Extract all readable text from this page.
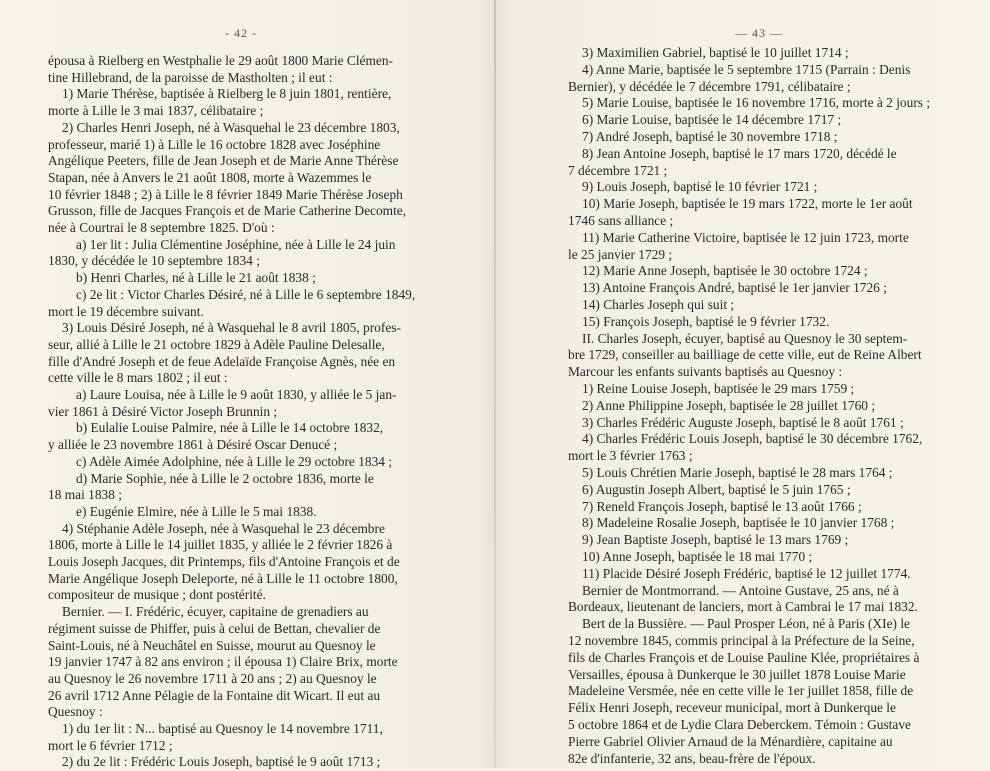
- 42 -
épousa à Rielberg en Westphalie le 29 août 1800 Marie Clémen-
tine Hillebrand, de la paroisse de Mastholten ; il eut :
1) Marie Thérèse, baptisée à Rielberg le 8 juin 1801, rentière,
morte à Lille le 3 mai 1837, célibataire ;
2) Charles Henri Joseph, né à Wasquehal le 23 décembre 1803,
professeur, marié 1) à Lille le 16 octobre 1828 avec Joséphine
Angélique Peeters, fille de Jean Joseph et de Marie Anne Thérèse
Stapan, née à Anvers le 21 août 1808, morte à Wazemmes le
10 février 1848 ; 2) à Lille le 8 février 1849 Marie Thérèse Joseph
Grusson, fille de Jacques François et de Marie Catherine Decomte,
née à Courtrai le 8 septembre 1825. D'où :
a) 1er lit : Julia Clémentine Joséphine, née à Lille le 24 juin
1830, y décédée le 10 septembre 1834 ;
b) Henri Charles, né à Lille le 21 août 1838 ;
c) 2e lit : Victor Charles Désiré, né à Lille le 6 septembre 1849,
mort le 19 décembre suivant.
3) Louis Désiré Joseph, né à Wasquehal le 8 avril 1805, profes-
seur, allié à Lille le 21 octobre 1829 à Adèle Pauline Delesalle,
fille d'André Joseph et de feue Adelaïde Françoise Agnès, née en
cette ville le 8 mars 1802 ; il eut :
a) Laure Louisa, née à Lille le 9 août 1830, y alliée le 5 jan-
vier 1861 à Désiré Victor Joseph Brunnin ;
b) Eulalie Louise Palmire, née à Lille le 14 octobre 1832,
y alliée le 23 novembre 1861 à Désiré Oscar Denucé ;
c) Adèle Aimée Adolphine, née à Lille le 29 octobre 1834 ;
d) Marie Sophie, née à Lille le 2 octobre 1836, morte le
18 mai 1838 ;
e) Eugénie Elmire, née à Lille le 5 mai 1838.
4) Stéphanie Adèle Joseph, née à Wasquehal le 23 décembre
1806, morte à Lille le 14 juillet 1835, y alliée le 2 février 1826 à
Louis Joseph Jacques, dit Printemps, fils d'Antoine François et de
Marie Angélique Joseph Deleporte, né à Lille le 11 octobre 1800,
compositeur de musique ; dont postérité.
Bernier. — I. Frédéric, écuyer, capitaine de grenadiers au
régiment suisse de Phiffer, puis à celui de Bettan, chevalier de
Saint-Louis, né à Neuchâtel en Suisse, mourut au Quesnoy le
19 janvier 1747 à 82 ans environ ; il épousa 1) Claire Brix, morte
au Quesnoy le 26 novembre 1711 à 20 ans ; 2) au Quesnoy le
26 avril 1712 Anne Pélagie de la Fontaine dit Wicart. Il eut au
Quesnoy :
1) du 1er lit : N... baptisé au Quesnoy le 14 novembre 1711,
mort le 6 février 1712 ;
2) du 2e lit : Frédéric Louis Joseph, baptisé le 9 août 1713 ;
— 43 —
3) Maximilien Gabriel, baptisé le 10 juillet 1714 ;
4) Anne Marie, baptisée le 5 septembre 1715 (Parrain : Denis
Bernier), y décédée le 7 décembre 1791, célibataire ;
5) Marie Louise, baptisée le 16 novembre 1716, morte à 2 jours ;
6) Marie Louise, baptisée le 14 décembre 1717 ;
7) André Joseph, baptisé le 30 novembre 1718 ;
8) Jean Antoine Joseph, baptisé le 17 mars 1720, décédé le
7 décembre 1721 ;
9) Louis Joseph, baptisé le 10 février 1721 ;
10) Marie Joseph, baptisée le 19 mars 1722, morte le 1er août
1746 sans alliance ;
11) Marie Catherine Victoire, baptisée le 12 juin 1723, morte
le 25 janvier 1729 ;
12) Marie Anne Joseph, baptisée le 30 octobre 1724 ;
13) Antoine François André, baptisé le 1er janvier 1726 ;
14) Charles Joseph qui suit ;
15) François Joseph, baptisé le 9 février 1732.
II. Charles Joseph, écuyer, baptisé au Quesnoy le 30 septem-
bre 1729, conseiller au bailliage de cette ville, eut de Reine Albert
Marcour les enfants suivants baptisés au Quesnoy :
1) Reine Louise Joseph, baptisée le 29 mars 1759 ;
2) Anne Philippine Joseph, baptisée le 28 juillet 1760 ;
3) Charles Frédéric Auguste Joseph, baptisé le 8 août 1761 ;
4) Charles Frédéric Louis Joseph, baptisé le 30 décembre 1762,
mort le 3 février 1763 ;
5) Louis Chrétien Marie Joseph, baptisé le 28 mars 1764 ;
6) Augustin Joseph Albert, baptisé le 5 juin 1765 ;
7) Reneld François Joseph, baptisé le 13 août 1766 ;
8) Madeleine Rosalie Joseph, baptisée le 10 janvier 1768 ;
9) Jean Baptiste Joseph, baptisé le 13 mars 1769 ;
10) Anne Joseph, baptisée le 18 mai 1770 ;
11) Placide Désiré Joseph Frédéric, baptisé le 12 juillet 1774.
Bernier de Montmorrand. — Antoine Gustave, 25 ans, né à
Bordeaux, lieutenant de lanciers, mort à Cambrai le 17 mai 1832.
Bert de la Bussière. — Paul Prosper Léon, né à Paris (XIe) le
12 novembre 1845, commis principal à la Préfecture de la Seine,
fils de Charles François et de Louise Pauline Klée, propriétaires à
Versailles, épousa à Dunkerque le 30 juillet 1878 Louise Marie
Madeleine Versmée, née en cette ville le 1er juillet 1858, fille de
Félix Henri Joseph, receveur municipal, mort à Dunkerque le
5 octobre 1864 et de Lydie Clara Deberckem. Témoin : Gustave
Pierre Gabriel Olivier Arnaud de la Ménardière, capitaine au
82e d'infanterie, 32 ans, beau-frère de l'époux.
